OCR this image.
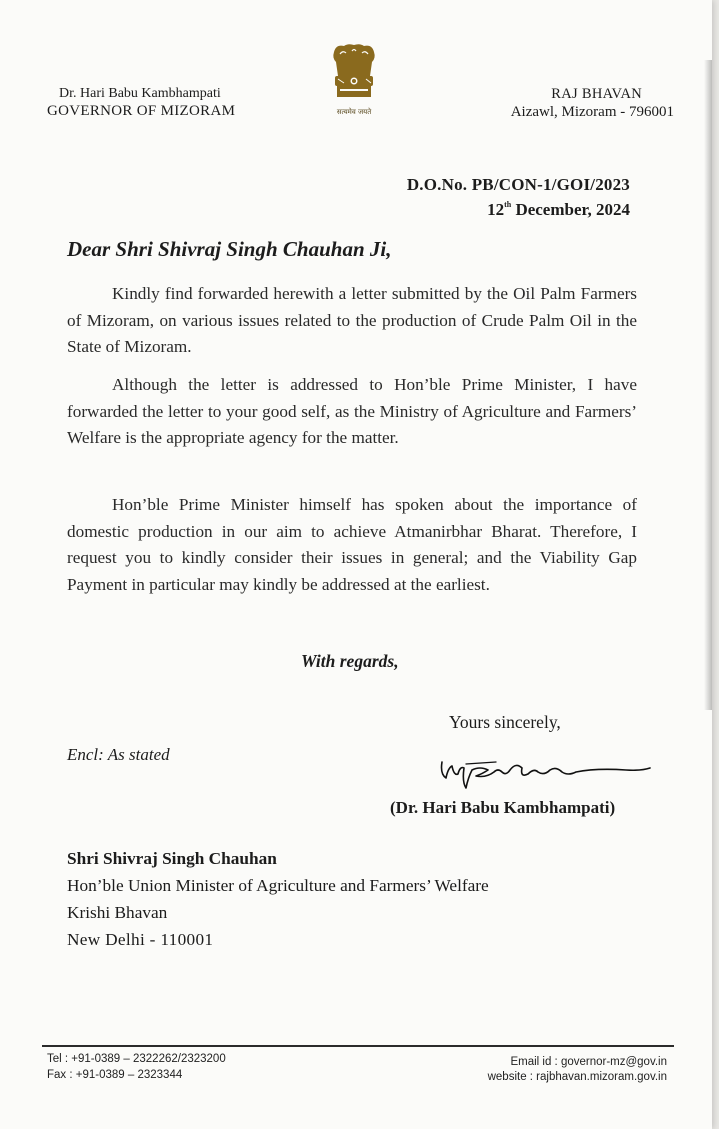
Dr. Hari Babu Kambhampati
GOVERNOR OF MIZORAM	सत्यमेव जयते
RAJ BHAVAN
Aizawl, Mizoram - 796001
D.O.No. PB/CON-1/GOI/2023
12th December, 2024
Dear Shri Shivraj Singh Chauhan Ji,
Kindly find forwarded herewith a letter submitted by the Oil Palm Farmers of Mizoram, on various issues related to the production of Crude Palm Oil in the State of Mizoram.
Although the letter is addressed to Hon’ble Prime Minister, I have forwarded the letter to your good self, as the Ministry of Agriculture and Farmers’ Welfare is the appropriate agency for the matter.
Hon’ble Prime Minister himself has spoken about the importance of domestic production in our aim to achieve Atmanirbhar Bharat. Therefore, I request you to kindly consider their issues in general; and the Viability Gap Payment in particular may kindly be addressed at the earliest.
With regards,
Yours sincerely,
Encl: As stated
(Dr. Hari Babu Kambhampati)
Shri Shivraj Singh Chauhan
Hon’ble Union Minister of Agriculture and Farmers’ Welfare
Krishi Bhavan
New Delhi - 110001
Tel : +91-0389 – 2322262/2323200
Fax : +91-0389 – 2323344
Email id : governor-mz@gov.in
website : rajbhavan.mizoram.gov.in
